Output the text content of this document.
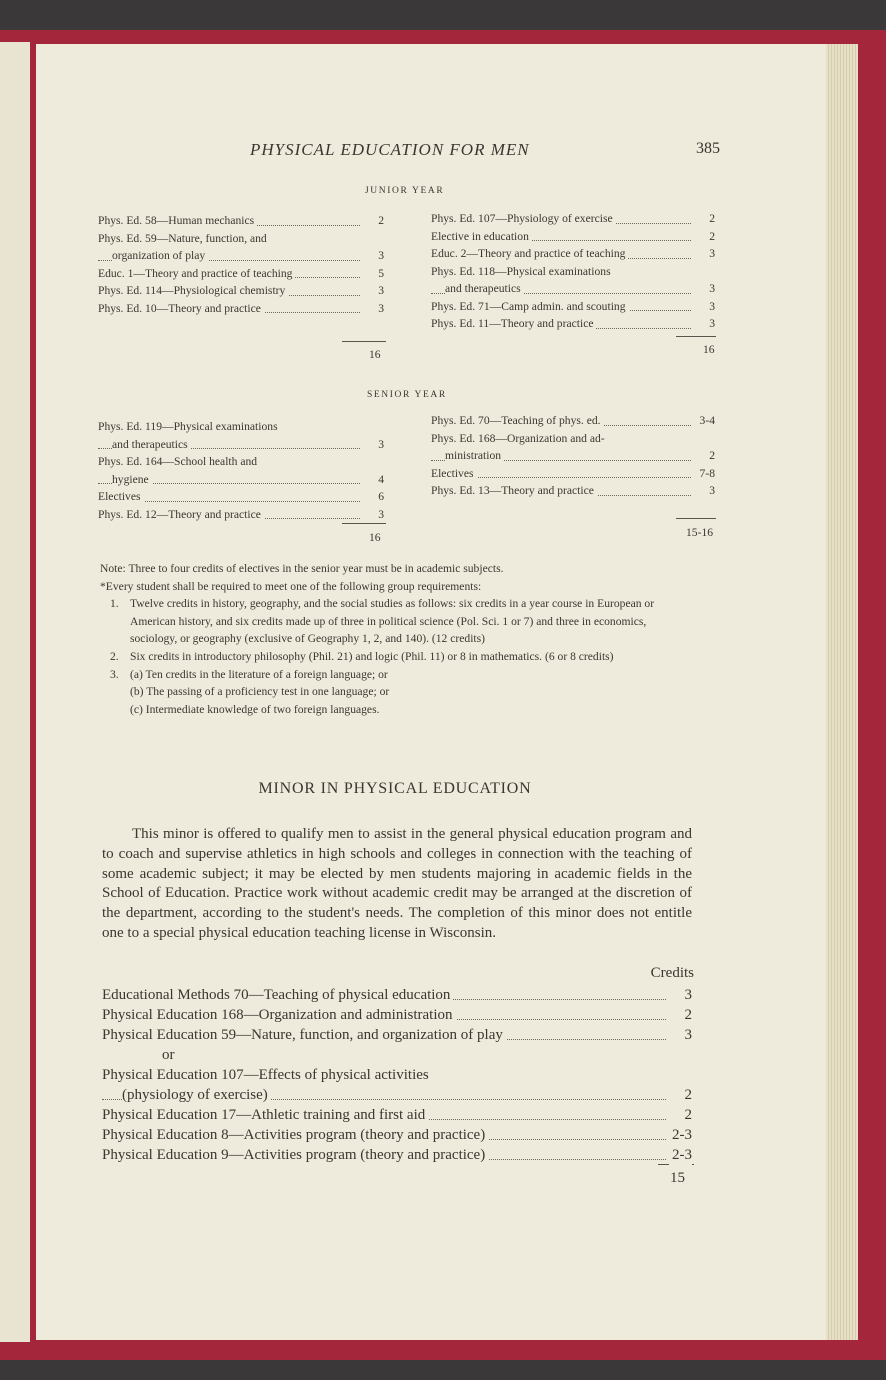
PHYSICAL EDUCATION FOR MEN	385
JUNIOR YEAR
Phys. Ed. 58—Human mechanics	2
Phys. Ed. 59—Nature, function, and
organization of play	3
Educ. 1—Theory and practice of teaching	5
Phys. Ed. 114—Physiological chemistry	3
Phys. Ed. 10—Theory and practice	3
16
Phys. Ed. 107—Physiology of exercise	2
Elective in education	2
Educ. 2—Theory and practice of teaching	3
Phys. Ed. 118—Physical examinations
and therapeutics	3
Phys. Ed. 71—Camp admin. and scouting	3
Phys. Ed. 11—Theory and practice	3
16
SENIOR YEAR
Phys. Ed. 119—Physical examinations
and therapeutics	3
Phys. Ed. 164—School health and
hygiene	4
Electives	6
Phys. Ed. 12—Theory and practice	3
16
Phys. Ed. 70—Teaching of phys. ed.	3-4
Phys. Ed. 168—Organization and ad-
ministration	2
Electives	7-8
Phys. Ed. 13—Theory and practice	3
15-16
Note: Three to four credits of electives in the senior year must be in academic subjects.
*Every student shall be required to meet one of the following group requirements:
1. Twelve credits in history, geography, and the social studies as follows: six credits in a year course in European or American history, and six credits made up of three in political science (Pol. Sci. 1 or 7) and three in economics, sociology, or geography (exclusive of Geography 1, 2, and 140). (12 credits)
2. Six credits in introductory philosophy (Phil. 21) and logic (Phil. 11) or 8 in mathematics. (6 or 8 credits)
3. (a) Ten credits in the literature of a foreign language; or
(b) The passing of a proficiency test in one language; or
(c) Intermediate knowledge of two foreign languages.
MINOR IN PHYSICAL EDUCATION
This minor is offered to qualify men to assist in the general physical education program and to coach and supervise athletics in high schools and colleges in connection with the teaching of some academic subject; it may be elected by men students majoring in academic fields in the School of Education. Practice work without academic credit may be arranged at the discretion of the department, according to the student's needs. The completion of this minor does not entitle one to a special physical education teaching license in Wisconsin.
Credits
Educational Methods 70—Teaching of physical education	3
Physical Education 168—Organization and administration	2
Physical Education 59—Nature, function, and organization of play	3
or
Physical Education 107—Effects of physical activities
(physiology of exercise)	2
Physical Education 17—Athletic training and first aid	2
Physical Education 8—Activities program (theory and practice)	2-3
Physical Education 9—Activities program (theory and practice)	2-3
15
